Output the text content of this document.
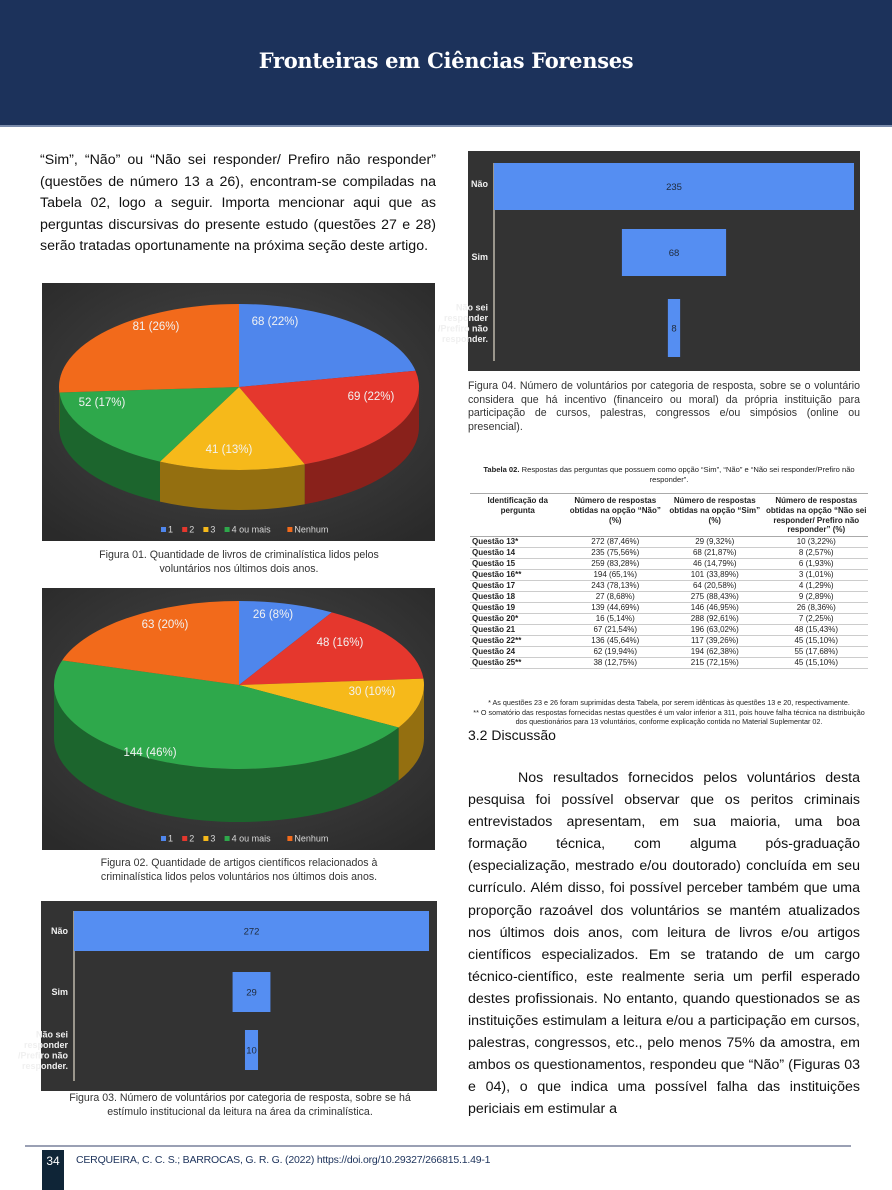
Fronteiras em Ciências Forenses

“Sim”, “Não” ou “Não sei responder/ Prefiro não responder” (questões de número 13 a 26), encontram-se compiladas na Tabela 02, logo a seguir. Importa mencionar aqui que as perguntas discursivas do presente estudo (questões 27 e 28) serão tratadas oportunamente na próxima seção deste artigo.

68 (22%)
69 (22%)
41 (13%)
52 (17%)
81 (26%)
1 2 3 4 ou mais	Nenhum
Figura 01. Quantidade de livros de criminalística lidos pelos voluntários nos últimos dois anos.
26 (8%)
48 (16%)
30 (10%)
144 (46%)
63 (20%)
1 2 3 4 ou mais	Nenhum
Figura 02. Quantidade de artigos científicos relacionados à criminalística lidos pelos voluntários nos últimos dois anos.
272
Não
29
Sim
10
Não sei
responder
/Prefiro não
responder.
Figura 03. Número de voluntários por categoria de resposta, sobre se há estímulo institucional da leitura na área da criminalística.
235
Não
68
Sim
8
Não sei
responder
/Prefiro não
responder.
Figura 04. Número de voluntários por categoria de resposta, sobre se o voluntário considera que há incentivo (financeiro ou moral) da própria instituição para participação de cursos, palestras, congressos e/ou simpósios (online ou presencial).
Tabela 02. Respostas das perguntas que possuem como opção “Sim”, “Não” e “Não sei responder/Prefiro não responder”.
Identificação da pergunta	Número de respostas obtidas na opção “Não” (%)	Número de respostas obtidas na opção “Sim” (%)	Número de respostas obtidas na opção “Não sei responder/ Prefiro não responder” (%)
Questão 13*	272 (87,46%)	29 (9,32%)	10 (3,22%)
Questão 14	235 (75,56%)	68 (21,87%)	8 (2,57%)
Questão 15	259 (83,28%)	46 (14,79%)	6 (1,93%)
Questão 16**	194 (65,1%)	101 (33,89%)	3 (1,01%)
Questão 17	243 (78,13%)	64 (20,58%)	4 (1,29%)
Questão 18	27 (8,68%)	275 (88,43%)	9 (2,89%)
Questão 19	139 (44,69%)	146 (46,95%)	26 (8,36%)
Questão 20*	16 (5,14%)	288 (92,61%)	7 (2,25%)
Questão 21	67 (21,54%)	196 (63,02%)	48 (15,43%)
Questão 22**	136 (45,64%)	117 (39,26%)	45 (15,10%)
Questão 24	62 (19,94%)	194 (62,38%)	55 (17,68%)
Questão 25**	38 (12,75%)	215 (72,15%)	45 (15,10%)
* As questões 23 e 26 foram suprimidas desta Tabela, por serem idênticas às questões 13 e 20, respectivamente.
** O somatório das respostas fornecidas nestas questões é um valor inferior a 311, pois houve falha técnica na distribuição dos questionários para 13 voluntários, conforme explicação contida no Material Suplementar 02.
3.2 Discussão

Nos resultados fornecidos pelos voluntários desta pesquisa foi possível observar que os peritos criminais entrevistados apresentam, em sua maioria, uma boa formação técnica, com alguma pós-graduação (especialização, mestrado e/ou doutorado) concluída em seu currículo. Além disso, foi possível perceber também que uma proporção razoável dos voluntários se mantém atualizados nos últimos dois anos, com leitura de livros e/ou artigos científicos especializados. Em se tratando de um cargo técnico-científico, este realmente seria um perfil esperado destes profissionais. No entanto, quando questionados se as instituições estimulam a leitura e/ou a participação em cursos, palestras, congressos, etc., pelo menos 75% da amostra, em ambos os questionamentos, respondeu que “Não” (Figuras 03 e 04), o que indica uma possível falha das instituições periciais em estimular a

34	CERQUEIRA, C. C. S.; BARROCAS, G. R. G. (2022) https://doi.org/10.29327/266815.1.49-1
